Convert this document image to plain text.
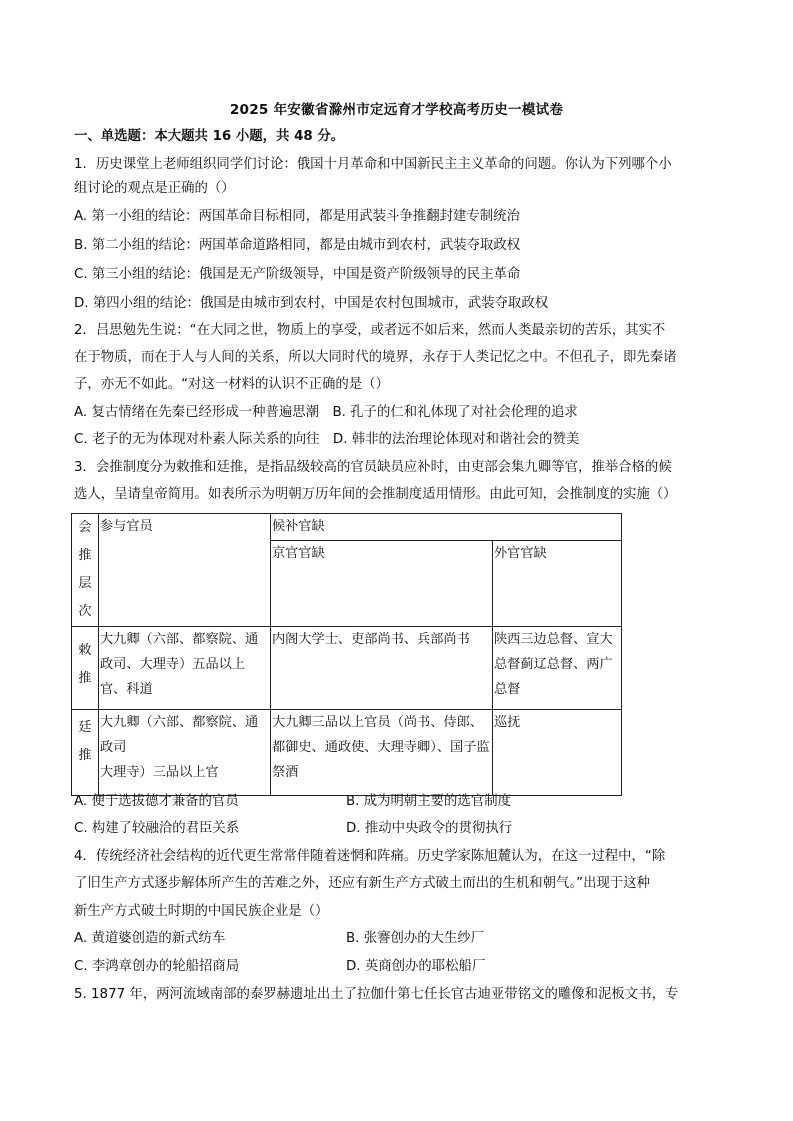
2025 年安徽省滁州市定远育才学校高考历史一模试卷
一、单选题：本大题共 16 小题，共 48 分。
1．历史课堂上老师组织同学们讨论：俄国十月革命和中国新民主主义革命的问题。你认为下列哪个小
组讨论的观点是正确的（）
A. 第一小组的结论：两国革命目标相同，都是用武装斗争推翻封建专制统治
B. 第二小组的结论：两国革命道路相同，都是由城市到农村，武装夺取政权
C. 第三小组的结论：俄国是无产阶级领导，中国是资产阶级领导的民主革命
D. 第四小组的结论：俄国是由城市到农村，中国是农村包围城市，武装夺取政权
2．吕思勉先生说：“在大同之世，物质上的享受，或者远不如后来，然而人类最亲切的苦乐，其实不
在于物质，而在于人与人间的关系，所以大同时代的境界，永存于人类记忆之中。不但孔子，即先秦诸
子，亦无不如此。“对这一材料的认识不正确的是（）
A. 复古情绪在先秦已经形成一种普遍思潮　B. 孔子的仁和礼体现了对社会伦理的追求
C. 老子的无为体现对朴素人际关系的向往　D. 韩非的法治理论体现对和谐社会的赞美
3．会推制度分为敕推和廷推，是指品级较高的官员缺员应补时，由吏部会集九卿等官，推举合格的候
选人，呈请皇帝简用。如表所示为明朝万历年间的会推制度适用情形。由此可知，会推制度的实施（）
会
推
层
次	参与官员	候补官缺	
		京官官缺	外官官缺

敕
推	大九卿（六部、都察院、通政司、大理寺）五品以上官、科道	内阁大学士、吏部尚书、兵部尚书	陕西三边总督、宣大总督蓟辽总督、两广总督

廷
推	大九卿（六部、都察院、通政司
大理寺）三品以上官	大九卿三品以上官员（尚书、侍郎、都御史、通政使、大理寺卿）、国子监祭酒	巡抚
A. 便于选拔德才兼备的官员	B. 成为明朝主要的选官制度
C. 构建了较融洽的君臣关系	D. 推动中央政令的贯彻执行
4．传统经济社会结构的近代更生常常伴随着迷惘和阵痛。历史学家陈旭麓认为，在这一过程中，“除
了旧生产方式逐步解体所产生的苦难之外，还应有新生产方式破土而出的生机和朝气。”出现于这种
新生产方式破土时期的中国民族企业是（）
A. 黄道婆创造的新式纺车	B. 张謇创办的大生纱厂
C. 李鸿章创办的轮船招商局	D. 英商创办的耶松船厂
5. 1877 年，两河流域南部的泰罗赫遗址出土了拉伽什第七任长官古迪亚带铭文的雕像和泥板文书，专
